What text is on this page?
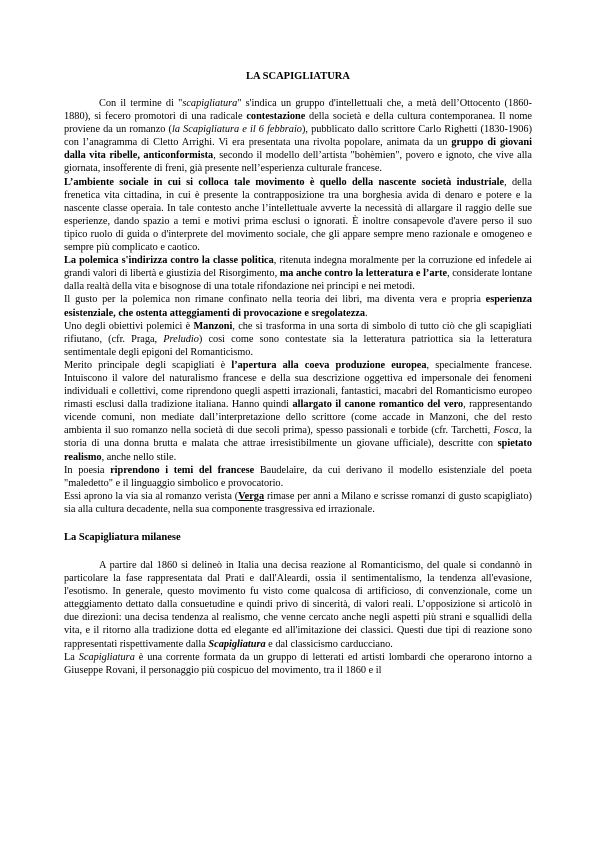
LA SCAPIGLIATURA

Con il termine di "scapigliatura" s'indica un gruppo d'intellettuali che, a metà dell’Ottocento (1860-1880), si fecero promotori di una radicale contestazione della società e della cultura contemporanea. Il nome proviene da un romanzo (la Scapigliatura e il 6 febbraio), pubblicato dallo scrittore Carlo Righetti (1830-1906) con l’anagramma di Cletto Arrighi. Vi era presentata una rivolta popolare, animata da un gruppo di giovani dalla vita ribelle, anticonformista, secondo il modello dell’artista "bohèmien", povero e ignoto, che vive alla giornata, insofferente di freni, già presente nell’esperienza culturale francese.

L’ambiente sociale in cui si colloca tale movimento è quello della nascente società industriale, della frenetica vita cittadina, in cui è presente la contrapposizione tra una borghesia avida di denaro e potere e la nascente classe operaia. In tale contesto anche l’intellettuale avverte la necessità di allargare il raggio delle sue esperienze, dando spazio a temi e motivi prima esclusi o ignorati. È inoltre consapevole d'avere perso il suo tipico ruolo di guida o d'interprete del movimento sociale, che gli appare sempre meno razionale e omogeneo e sempre più complicato e caotico.

La polemica s'indirizza contro la classe politica, ritenuta indegna moralmente per la corruzione ed infedele ai grandi valori di libertà e giustizia del Risorgimento, ma anche contro la letteratura e l’arte, considerate lontane dalla realtà della vita e bisognose di una totale rifondazione nei principi e nei metodi.

Il gusto per la polemica non rimane confinato nella teoria dei libri, ma diventa vera e propria esperienza esistenziale, che ostenta atteggiamenti di provocazione e sregolatezza.

Uno degli obiettivi polemici è Manzoni, che si trasforma in una sorta di simbolo di tutto ciò che gli scapigliati rifiutano, (cfr. Praga, Preludio) così come sono contestate sia la letteratura patriottica sia la letteratura sentimentale degli epigoni del Romanticismo.

Merito principale degli scapigliati è l’apertura alla coeva produzione europea, specialmente francese. Intuiscono il valore del naturalismo francese e della sua descrizione oggettiva ed impersonale dei fenomeni individuali e collettivi, come riprendono quegli aspetti irrazionali, fantastici, macabri del Romanticismo europeo rimasti esclusi dalla tradizione italiana. Hanno quindi allargato il canone romantico del vero, rappresentando vicende comuni, non mediate dall’interpretazione dello scrittore (come accade in Manzoni, che del resto ambienta il suo romanzo nella società di due secoli prima), spesso passionali e torbide (cfr. Tarchetti, Fosca, la storia di una donna brutta e malata che attrae irresistibilmente un giovane ufficiale), descritte con spietato realismo, anche nello stile.

In poesia riprendono i temi del francese Baudelaire, da cui derivano il modello esistenziale del poeta "maledetto" e il linguaggio simbolico e provocatorio.

Essi aprono la via sia al romanzo verista (Verga rimase per anni a Milano e scrisse romanzi di gusto scapigliato) sia alla cultura decadente, nella sua componente trasgressiva ed irrazionale.

La Scapigliatura milanese

A partire dal 1860 si delineò in Italia una decisa reazione al Romanticismo, del quale si condannò in particolare la fase rappresentata dal Prati e dall'Aleardi, ossia il sentimentalismo, la tendenza all'evasione, l'esotismo. In generale, questo movimento fu visto come qualcosa di artificioso, di convenzionale, come un atteggiamento dettato dalla consuetudine e quindi privo di sincerità, di valori reali. L’opposizione si articolò in due direzioni: una decisa tendenza al realismo, che venne cercato anche negli aspetti più strani e squallidi della vita, e il ritorno alla tradizione dotta ed elegante ed all'imitazione dei classici. Questi due tipi di reazione sono rappresentati rispettivamente dalla Scapigliatura e dal classicismo carducciano.

La Scapigliatura è una corrente formata da un gruppo di letterati ed artisti lombardi che operarono intorno a Giuseppe Rovani, il personaggio più cospicuo del movimento, tra il 1860 e il
